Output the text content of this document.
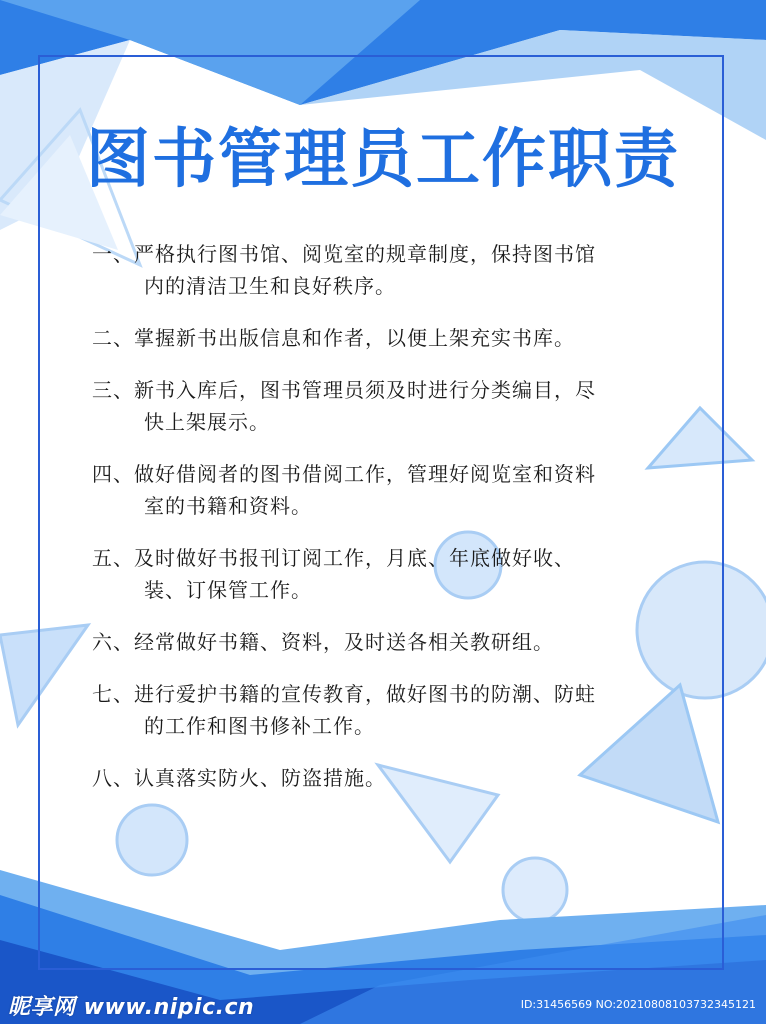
图书管理员工作职责
一、严格执行图书馆、阅览室的规章制度，保持图书馆
内的清洁卫生和良好秩序。
二、掌握新书出版信息和作者，以便上架充实书库。
三、新书入库后，图书管理员须及时进行分类编目，尽
快上架展示。
四、做好借阅者的图书借阅工作，管理好阅览室和资料
室的书籍和资料。
五、及时做好书报刊订阅工作，月底、年底做好收、
装、订保管工作。
六、经常做好书籍、资料，及时送各相关教研组。
七、进行爱护书籍的宣传教育，做好图书的防潮、防蛀
的工作和图书修补工作。
八、认真落实防火、防盗措施。
昵享网 www.nipic.cn	ID:31456569 NO:20210808103732345121
